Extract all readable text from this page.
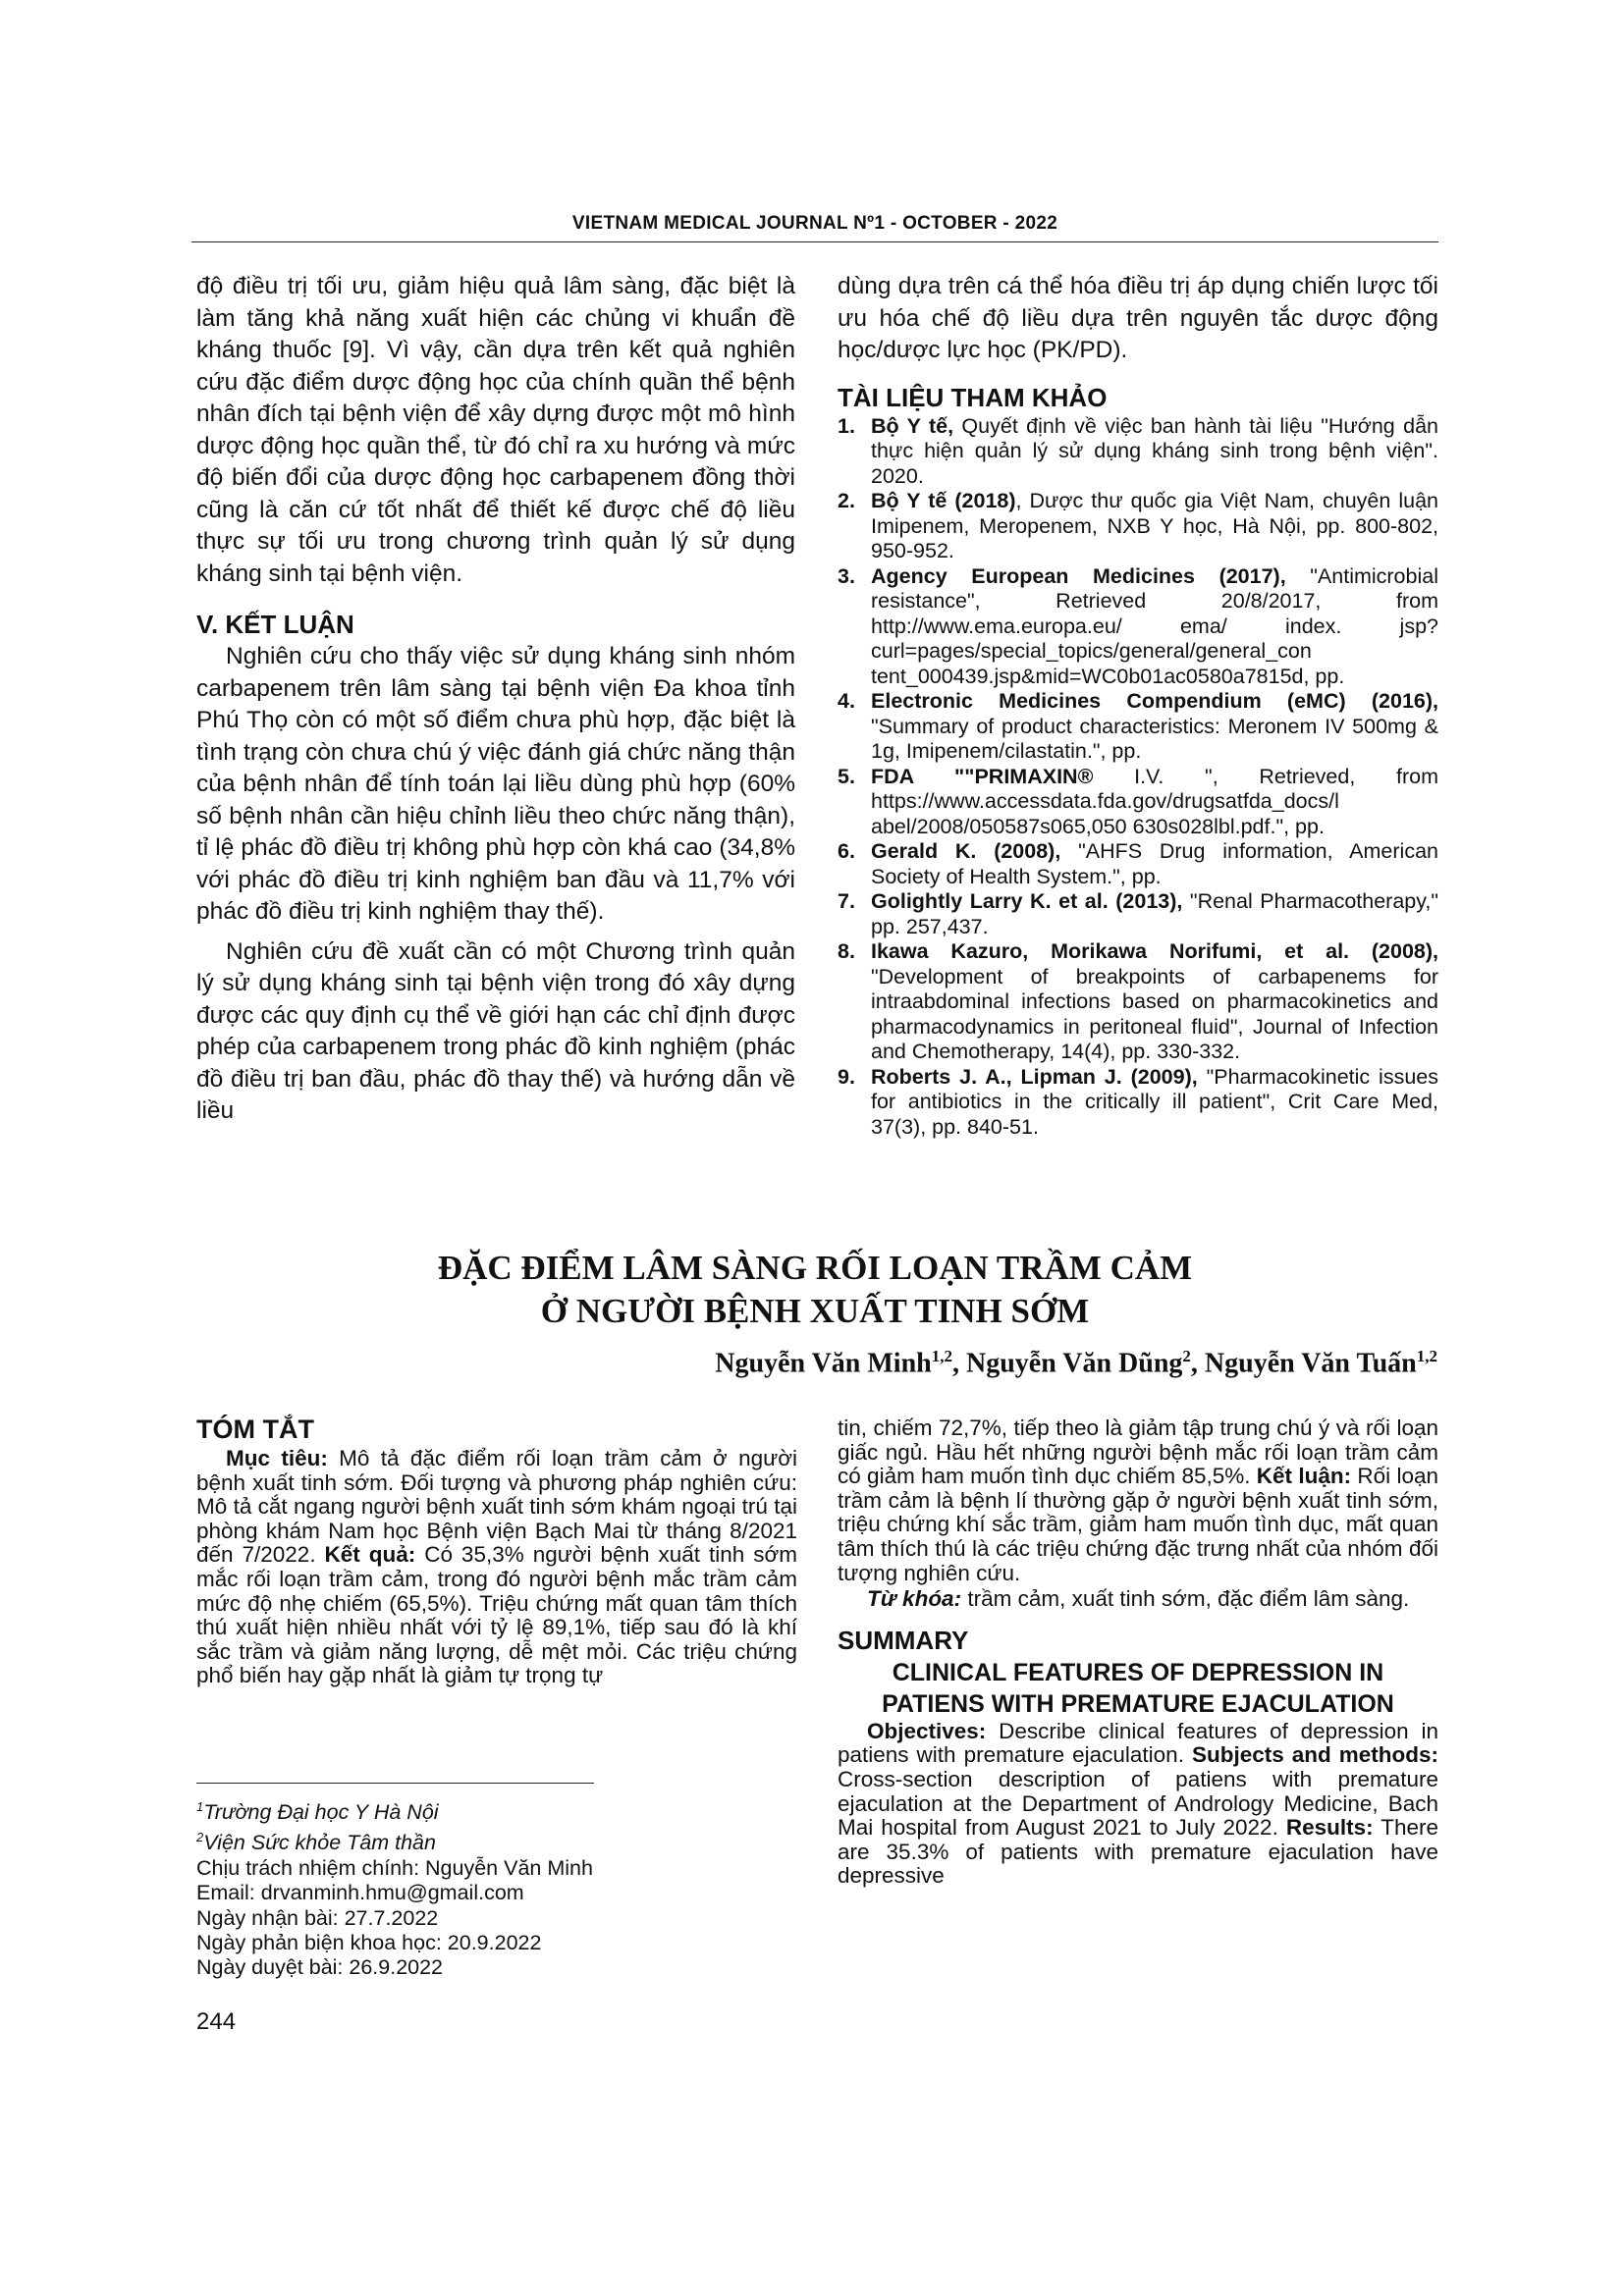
VIETNAM MEDICAL JOURNAL Nº1 - OCTOBER - 2022

độ điều trị tối ưu, giảm hiệu quả lâm sàng, đặc biệt là làm tăng khả năng xuất hiện các chủng vi khuẩn đề kháng thuốc [9]. Vì vậy, cần dựa trên kết quả nghiên cứu đặc điểm dược động học của chính quần thể bệnh nhân đích tại bệnh viện để xây dựng được một mô hình dược động học quần thể, từ đó chỉ ra xu hướng và mức độ biến đổi của dược động học carbapenem đồng thời cũng là căn cứ tốt nhất để thiết kế được chế độ liều thực sự tối ưu trong chương trình quản lý sử dụng kháng sinh tại bệnh viện.

V. KẾT LUẬN

Nghiên cứu cho thấy việc sử dụng kháng sinh nhóm carbapenem trên lâm sàng tại bệnh viện Đa khoa tỉnh Phú Thọ còn có một số điểm chưa phù hợp, đặc biệt là tình trạng còn chưa chú ý việc đánh giá chức năng thận của bệnh nhân để tính toán lại liều dùng phù hợp (60% số bệnh nhân cần hiệu chỉnh liều theo chức năng thận), tỉ lệ phác đồ điều trị không phù hợp còn khá cao (34,8% với phác đồ điều trị kinh nghiệm ban đầu và 11,7% với phác đồ điều trị kinh nghiệm thay thế).

Nghiên cứu đề xuất cần có một Chương trình quản lý sử dụng kháng sinh tại bệnh viện trong đó xây dựng được các quy định cụ thể về giới hạn các chỉ định được phép của carbapenem trong phác đồ kinh nghiệm (phác đồ điều trị ban đầu, phác đồ thay thế) và hướng dẫn về liều

dùng dựa trên cá thể hóa điều trị áp dụng chiến lược tối ưu hóa chế độ liều dựa trên nguyên tắc dược động học/dược lực học (PK/PD).

TÀI LIỆU THAM KHẢO

1. Bộ Y tế, Quyết định về việc ban hành tài liệu "Hướng dẫn thực hiện quản lý sử dụng kháng sinh trong bệnh viện". 2020.
2. Bộ Y tế (2018), Dược thư quốc gia Việt Nam, chuyên luận Imipenem, Meropenem, NXB Y học, Hà Nội, pp. 800-802, 950-952.
3. Agency European Medicines (2017), "Antimicrobial resistance", Retrieved 20/8/2017, from http://www.ema.europa.eu/ ema/ index. jsp?curl=pages/special_topics/general/general_con tent_000439.jsp&mid=WC0b01ac0580a7815d, pp.
4. Electronic Medicines Compendium (eMC) (2016), "Summary of product characteristics: Meronem IV 500mg & 1g, Imipenem/cilastatin.", pp.
5. FDA ""PRIMAXIN® I.V. ", Retrieved, from https://www.accessdata.fda.gov/drugsatfda_docs/l abel/2008/050587s065,050 630s028lbl.pdf.", pp.
6. Gerald K. (2008), "AHFS Drug information, American Society of Health System.", pp.
7. Golightly Larry K. et al. (2013), "Renal Pharmacotherapy," pp. 257,437.
8. Ikawa Kazuro, Morikawa Norifumi, et al. (2008), "Development of breakpoints of carbapenems for intraabdominal infections based on pharmacokinetics and pharmacodynamics in peritoneal fluid", Journal of Infection and Chemotherapy, 14(4), pp. 330-332.
9. Roberts J. A., Lipman J. (2009), "Pharmacokinetic issues for antibiotics in the critically ill patient", Crit Care Med, 37(3), pp. 840-51.
ĐẶC ĐIỂM LÂM SÀNG RỐI LOẠN TRẦM CẢM
Ở NGƯỜI BỆNH XUẤT TINH SỚM
Nguyễn Văn Minh$^{1,2}$, Nguyễn Văn Dũng$^2$, Nguyễn Văn Tuấn$^{1,2}$

TÓM TẮT

Mục tiêu: Mô tả đặc điểm rối loạn trầm cảm ở người bệnh xuất tinh sớm. Đối tượng và phương pháp nghiên cứu: Mô tả cắt ngang người bệnh xuất tinh sớm khám ngoại trú tại phòng khám Nam học Bệnh viện Bạch Mai từ tháng 8/2021 đến 7/2022. Kết quả: Có 35,3% người bệnh xuất tinh sớm mắc rối loạn trầm cảm, trong đó người bệnh mắc trầm cảm mức độ nhẹ chiếm (65,5%). Triệu chứng mất quan tâm thích thú xuất hiện nhiều nhất với tỷ lệ 89,1%, tiếp sau đó là khí sắc trầm và giảm năng lượng, dễ mệt mỏi. Các triệu chứng phổ biến hay gặp nhất là giảm tự trọng tự

$^1$Trường Đại học Y Hà Nội
$^2$Viện Sức khỏe Tâm thần
Chịu trách nhiệm chính: Nguyễn Văn Minh
Email: drvanminh.hmu@gmail.com
Ngày nhận bài: 27.7.2022
Ngày phản biện khoa học: 20.9.2022
Ngày duyệt bài: 26.9.2022
244

tin, chiếm 72,7%, tiếp theo là giảm tập trung chú ý và rối loạn giấc ngủ. Hầu hết những người bệnh mắc rối loạn trầm cảm có giảm ham muốn tình dục chiếm 85,5%. Kết luận: Rối loạn trầm cảm là bệnh lí thường gặp ở người bệnh xuất tinh sớm, triệu chứng khí sắc trầm, giảm ham muốn tình dục, mất quan tâm thích thú là các triệu chứng đặc trưng nhất của nhóm đối tượng nghiên cứu.

Từ khóa: trầm cảm, xuất tinh sớm, đặc điểm lâm sàng.

SUMMARY

CLINICAL FEATURES OF DEPRESSION IN
PATIENS WITH PREMATURE EJACULATION

Objectives: Describe clinical features of depression in patiens with premature ejaculation. Subjects and methods: Cross-section description of patiens with premature ejaculation at the Department of Andrology Medicine, Bach Mai hospital from August 2021 to July 2022. Results: There are 35.3% of patients with premature ejaculation have depressive
